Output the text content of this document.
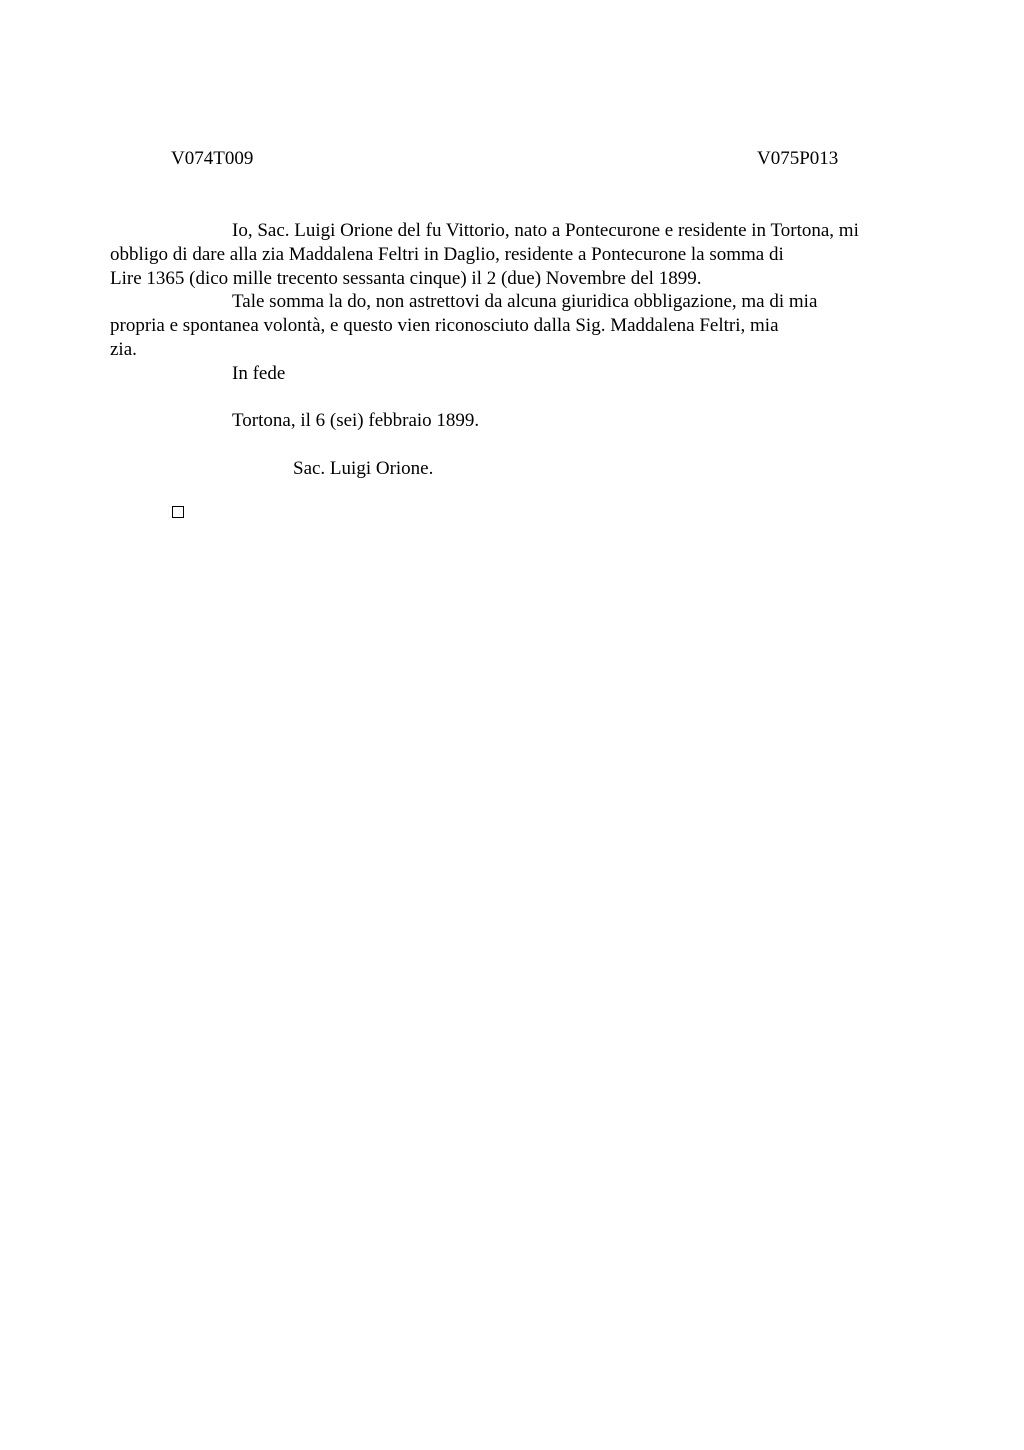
V074T009	V075P013

Io, Sac. Luigi Orione del fu Vittorio, nato a Pontecurone e residente in Tortona, mi
obbligo di dare alla zia Maddalena Feltri in Daglio, residente a Pontecurone la somma di
Lire 1365 (dico mille trecento sessanta cinque) il 2 (due) Novembre del 1899.

Tale somma la do, non astrettovi da alcuna giuridica obbligazione, ma di mia
propria e spontanea volontà, e questo vien riconosciuto dalla Sig. Maddalena Feltri, mia
zia.

In fede

Tortona, il 6 (sei) febbraio 1899.

Sac. Luigi Orione.
